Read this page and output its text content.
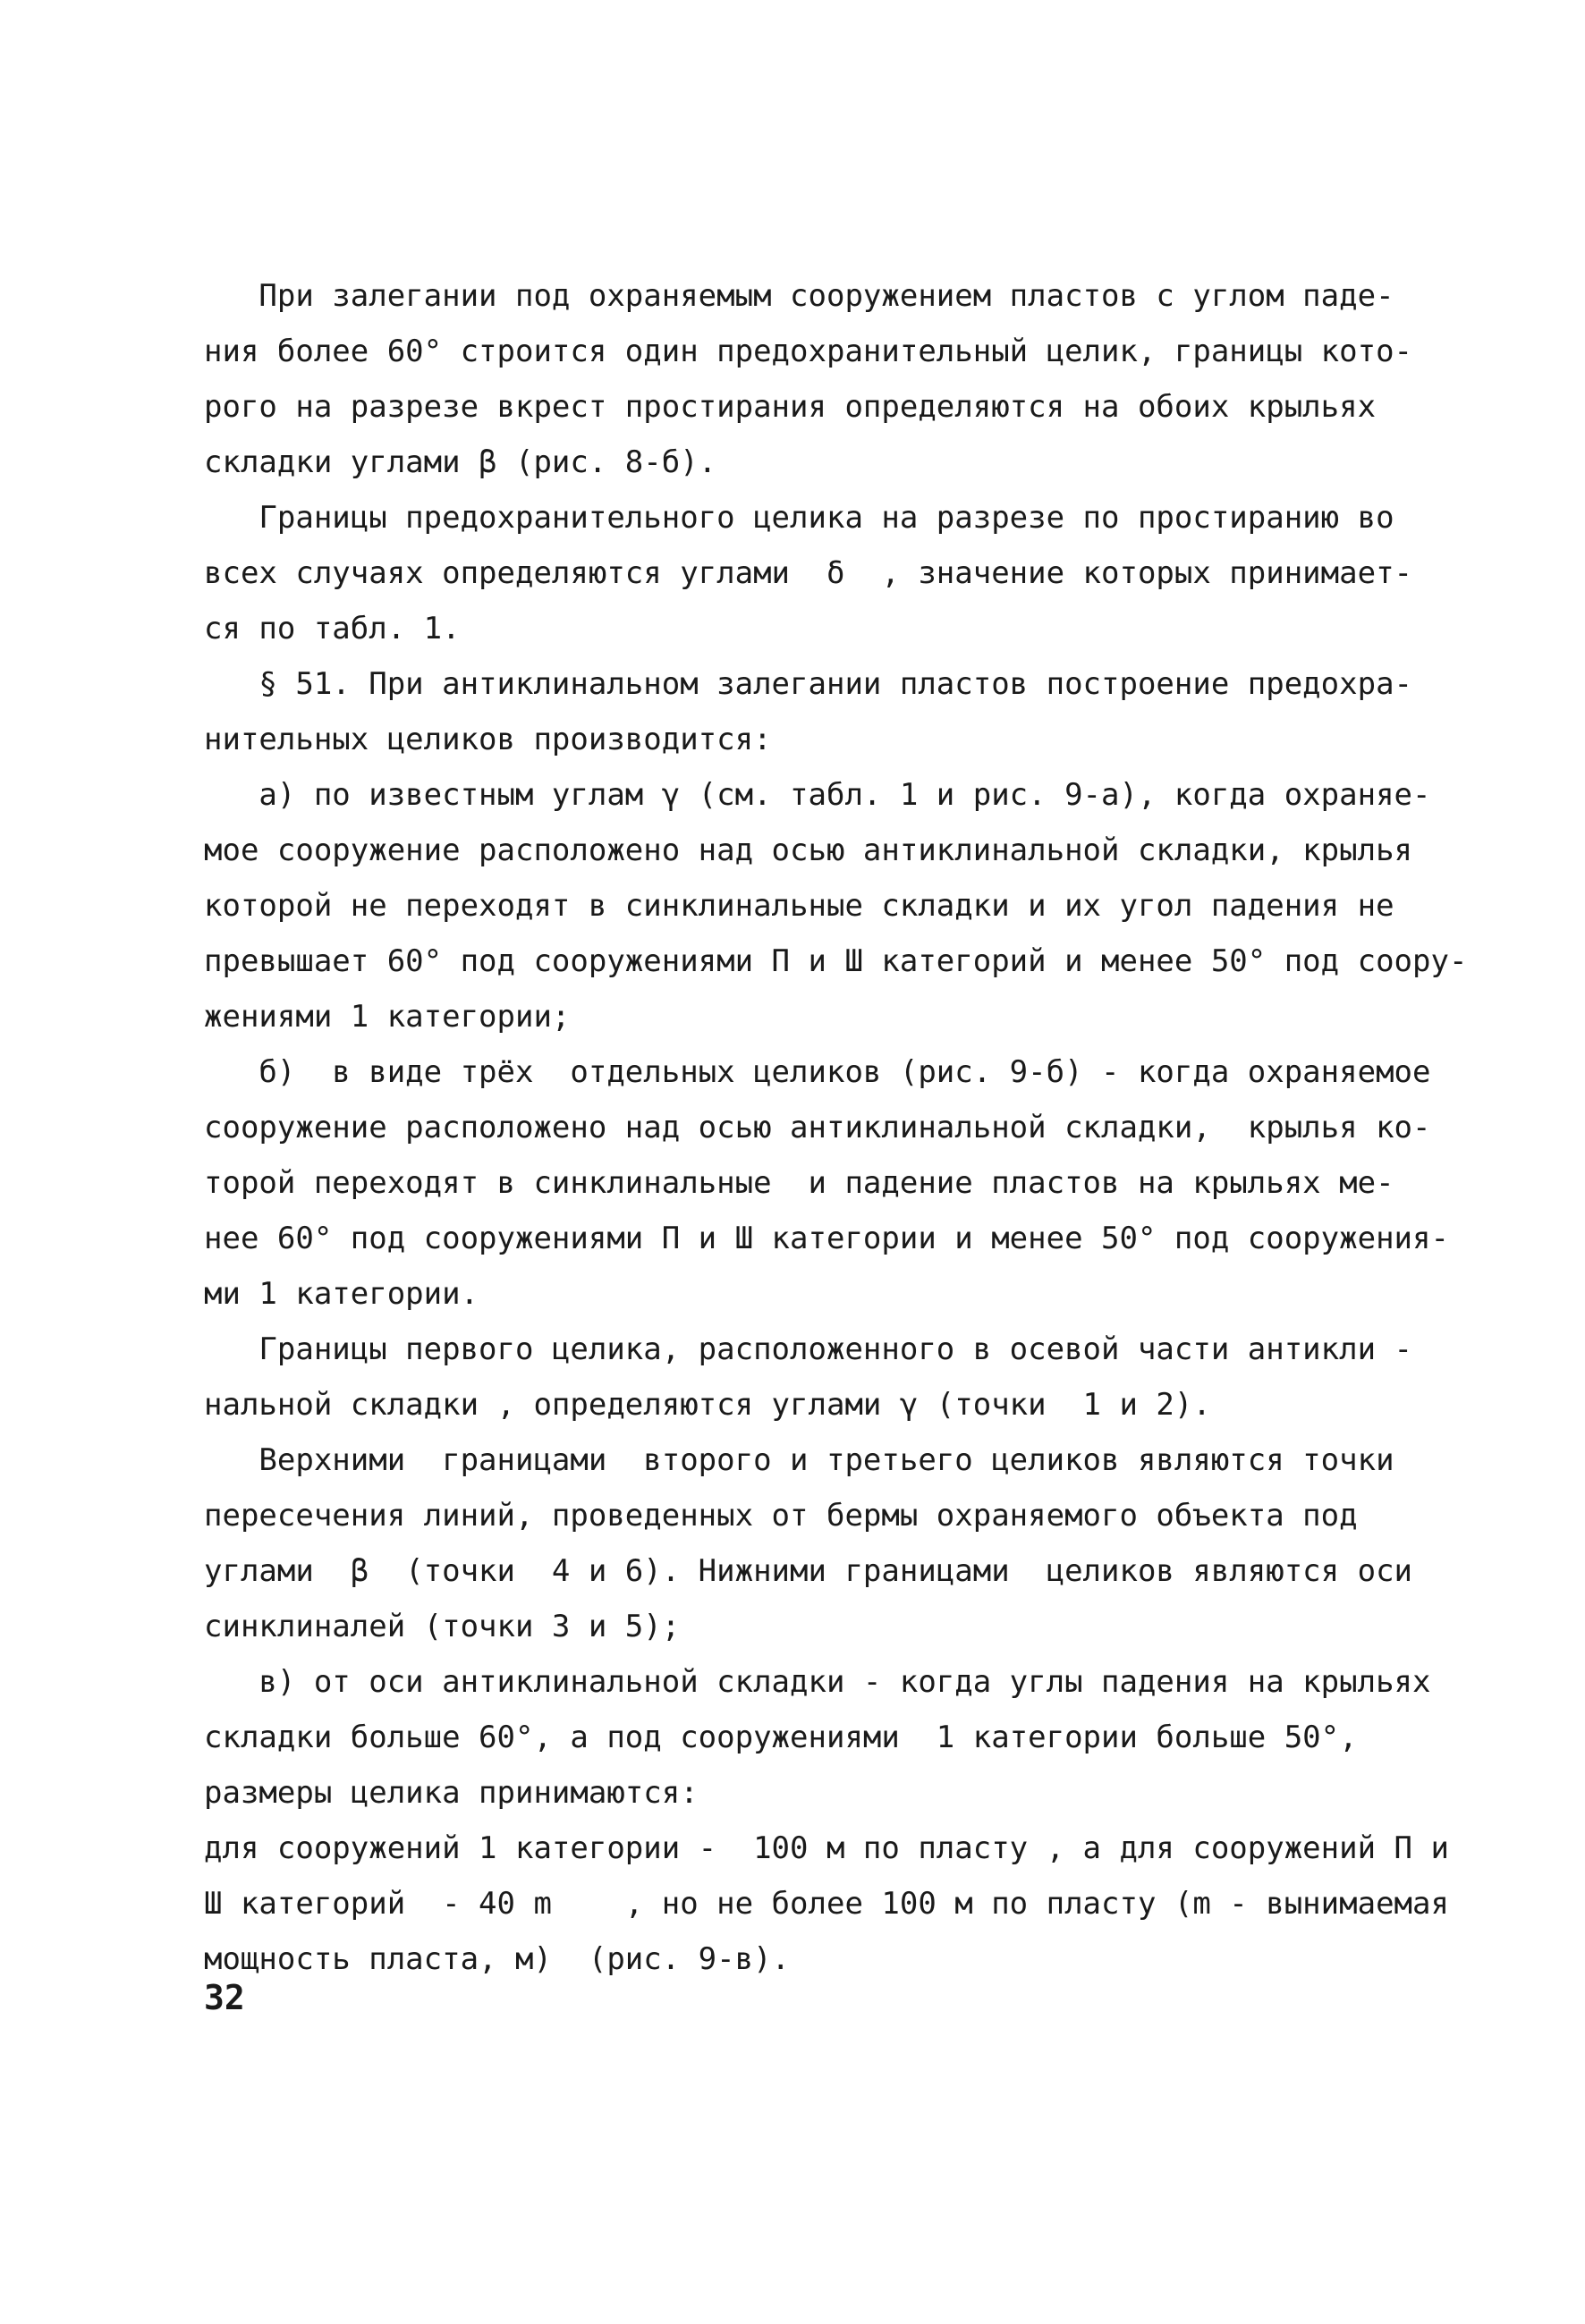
При залегании под охраняемым сооружением пластов с углом паде-
ния более 60° строится один предохранительный целик, границы кото-
рого на разрезе вкрест простирания определяются на обоих крыльях
складки углами β (рис. 8-б).
Границы предохранительного целика на разрезе по простиранию во
всех случаях определяются углами  δ  , значение которых принимает-
ся по табл. 1.
§ 51. При антиклинальном залегании пластов построение предохра-
нительных целиков производится:
а) по известным углам γ (см. табл. 1 и рис. 9-а), когда охраняе-
мое сооружение расположено над осью антиклинальной складки, крылья
которой не переходят в синклинальные складки и их угол падения не
превышает 60° под сооружениями П и Ш категорий и менее 50° под соору-
жениями 1 категории;
б)  в виде трёх  отдельных целиков (рис. 9-б) - когда охраняемое
сооружение расположено над осью антиклинальной складки,  крылья ко-
торой переходят в синклинальные  и падение пластов на крыльях ме-
нее 60° под сооружениями П и Ш категории и менее 50° под сооружения-
ми 1 категории.
Границы первого целика, расположенного в осевой части антикли -
нальной складки , определяются углами γ (точки  1 и 2).
Верхними  границами  второго и третьего целиков являются точки
пересечения линий, проведенных от бермы охраняемого объекта под
углами  β  (точки  4 и 6). Нижними границами  целиков являются оси
синклиналей (точки 3 и 5);
в) от оси антиклинальной складки - когда углы падения на крыльях
складки больше 60°, а под сооружениями  1 категории больше 50°,
размеры целика принимаются:
для сооружений 1 категории -  100 м по пласту , а для сооружений П и
Ш категорий  - 40 m    , но не более 100 м по пласту (m - вынимаемая
мощность пласта, м)  (рис. 9-в).
32
